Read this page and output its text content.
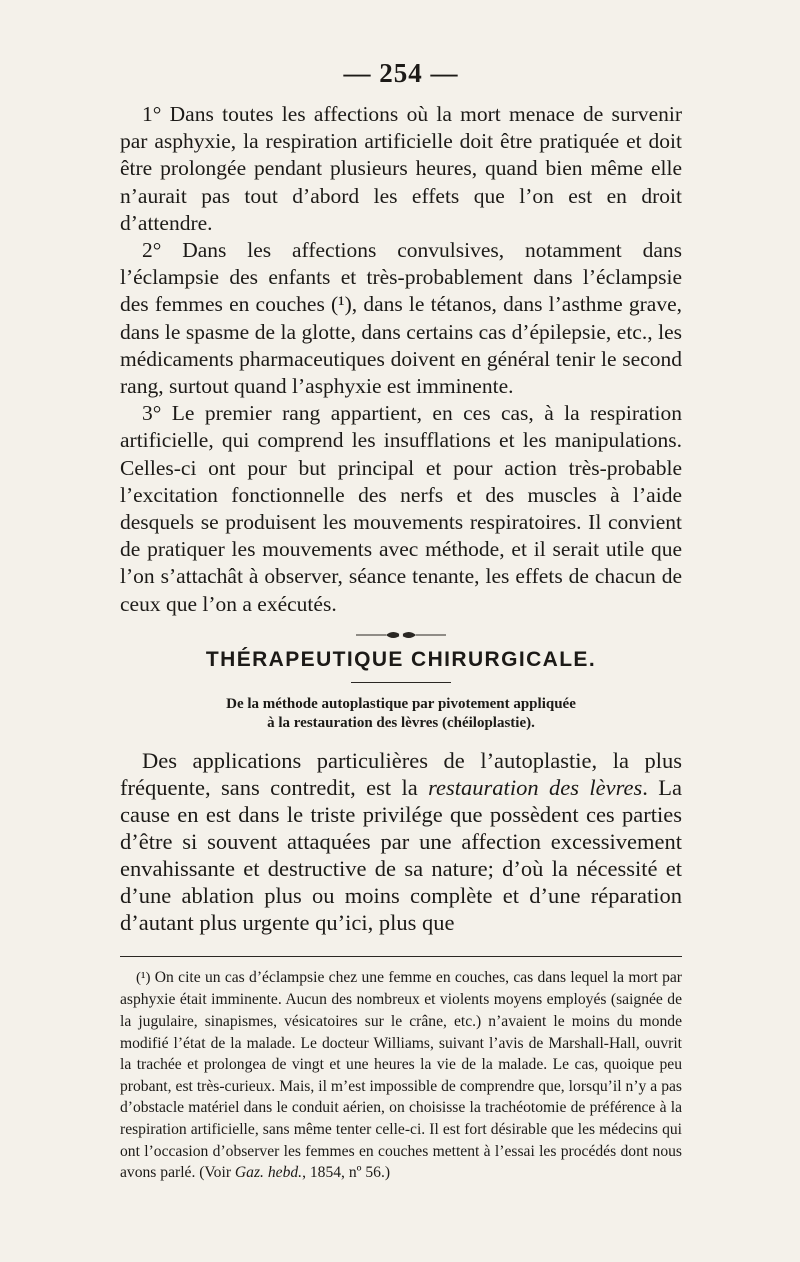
— 254 —

1° Dans toutes les affections où la mort menace de survenir par asphyxie, la respiration artificielle doit être pratiquée et doit être prolongée pendant plusieurs heures, quand bien même elle n’aurait pas tout d’abord les effets que l’on est en droit d’attendre.

2° Dans les affections convulsives, notamment dans l’éclampsie des enfants et très-probablement dans l’éclampsie des femmes en couches (¹), dans le tétanos, dans l’asthme grave, dans le spasme de la glotte, dans certains cas d’épilepsie, etc., les médicaments pharmaceutiques doivent en général tenir le second rang, surtout quand l’asphyxie est imminente.

3° Le premier rang appartient, en ces cas, à la respiration artificielle, qui comprend les insufflations et les manipulations. Celles-ci ont pour but principal et pour action très-probable l’excitation fonctionnelle des nerfs et des muscles à l’aide desquels se produisent les mouvements respiratoires. Il convient de pratiquer les mouvements avec méthode, et il serait utile que l’on s’attachât à observer, séance tenante, les effets de chacun de ceux que l’on a exécutés.

THÉRAPEUTIQUE CHIRURGICALE.
De la méthode autoplastique par pivotement appliquée
à la restauration des lèvres (chéiloplastie).

Des applications particulières de l’autoplastie, la plus fréquente, sans contredit, est la restauration des lèvres. La cause en est dans le triste privilége que possèdent ces parties d’être si souvent attaquées par une affection excessivement envahissante et destructive de sa nature; d’où la nécessité et d’une ablation plus ou moins complète et d’une réparation d’autant plus urgente qu’ici, plus que

(¹) On cite un cas d’éclampsie chez une femme en couches, cas dans lequel la mort par asphyxie était imminente. Aucun des nombreux et violents moyens employés (saignée de la jugulaire, sinapismes, vésicatoires sur le crâne, etc.) n’avaient le moins du monde modifié l’état de la malade. Le docteur Williams, suivant l’avis de Marshall-Hall, ouvrit la trachée et prolongea de vingt et une heures la vie de la malade. Le cas, quoique peu probant, est très-curieux. Mais, il m’est impossible de comprendre que, lorsqu’il n’y a pas d’obstacle matériel dans le conduit aérien, on choisisse la trachéotomie de préférence à la respiration artificielle, sans même tenter celle-ci. Il est fort désirable que les médecins qui ont l’occasion d’observer les femmes en couches mettent à l’essai les procédés dont nous avons parlé. (Voir Gaz. hebd., 1854, nº 56.)
